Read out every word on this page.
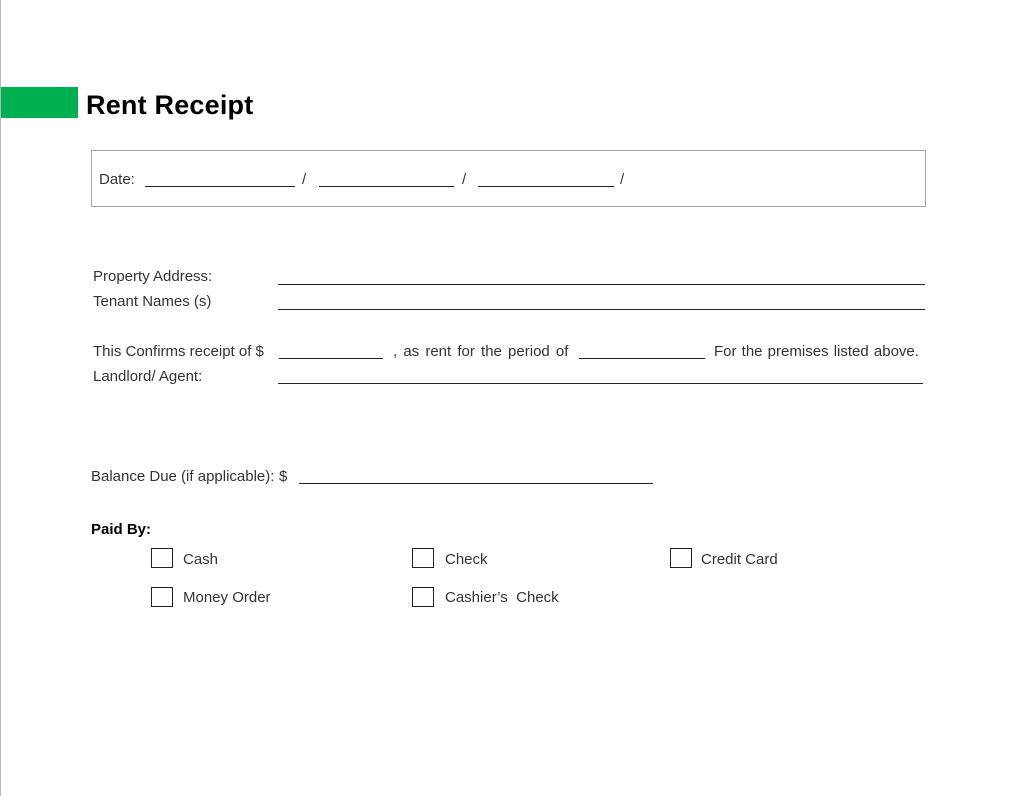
Rent Receipt
Date:	/	/	/
Property Address:
Tenant Names (s)
This Confirms receipt of $	, as rent for the period of	For the premises listed above.
Landlord/ Agent:
Balance Due (if applicable): $
Paid By:
Cash	Check	Credit Card
Money Order	Cashier’s  Check
